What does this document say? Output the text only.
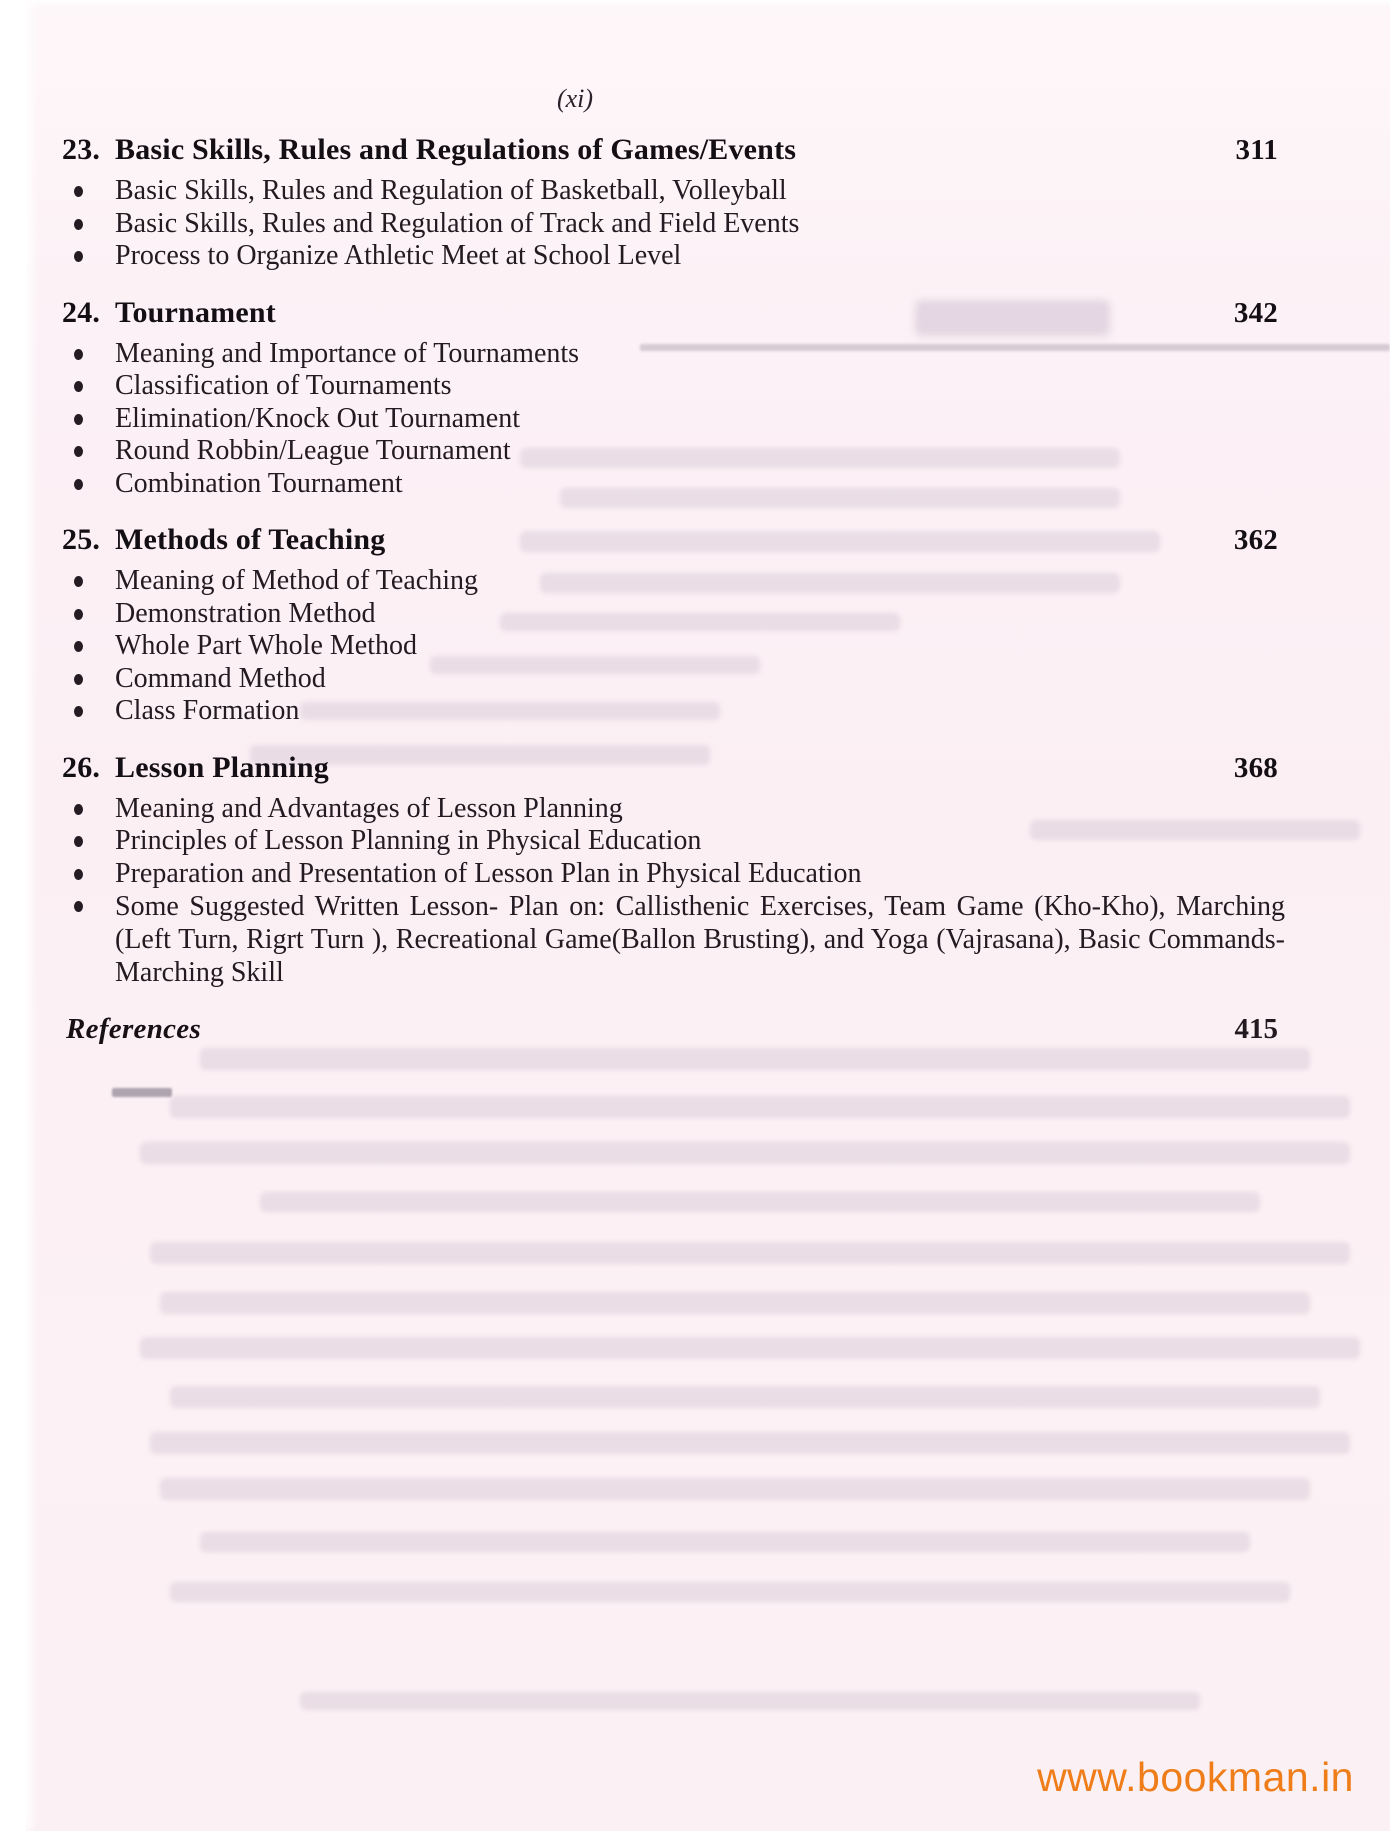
(xi)
23. Basic Skills, Rules and Regulations of Games/Events	311
Basic Skills, Rules and Regulation of Basketball, Volleyball
Basic Skills, Rules and Regulation of Track and Field Events
Process to Organize Athletic Meet at School Level
24. Tournament	342
Meaning and Importance of Tournaments
Classification of Tournaments
Elimination/Knock Out Tournament
Round Robbin/League Tournament
Combination Tournament
25. Methods of Teaching	362
Meaning of Method of Teaching
Demonstration Method
Whole Part Whole Method
Command Method
Class Formation
26. Lesson Planning	368
Meaning and Advantages of Lesson Planning
Principles of Lesson Planning in Physical Education
Preparation and Presentation of Lesson Plan in Physical Education
Some Suggested Written Lesson- Plan on: Callisthenic Exercises, Team Game (Kho-Kho), Marching (Left Turn, Rigrt Turn ), Recreational Game(Ballon Brusting), and Yoga (Vajrasana), Basic Commands-Marching Skill
References	415
www.bookman.in
